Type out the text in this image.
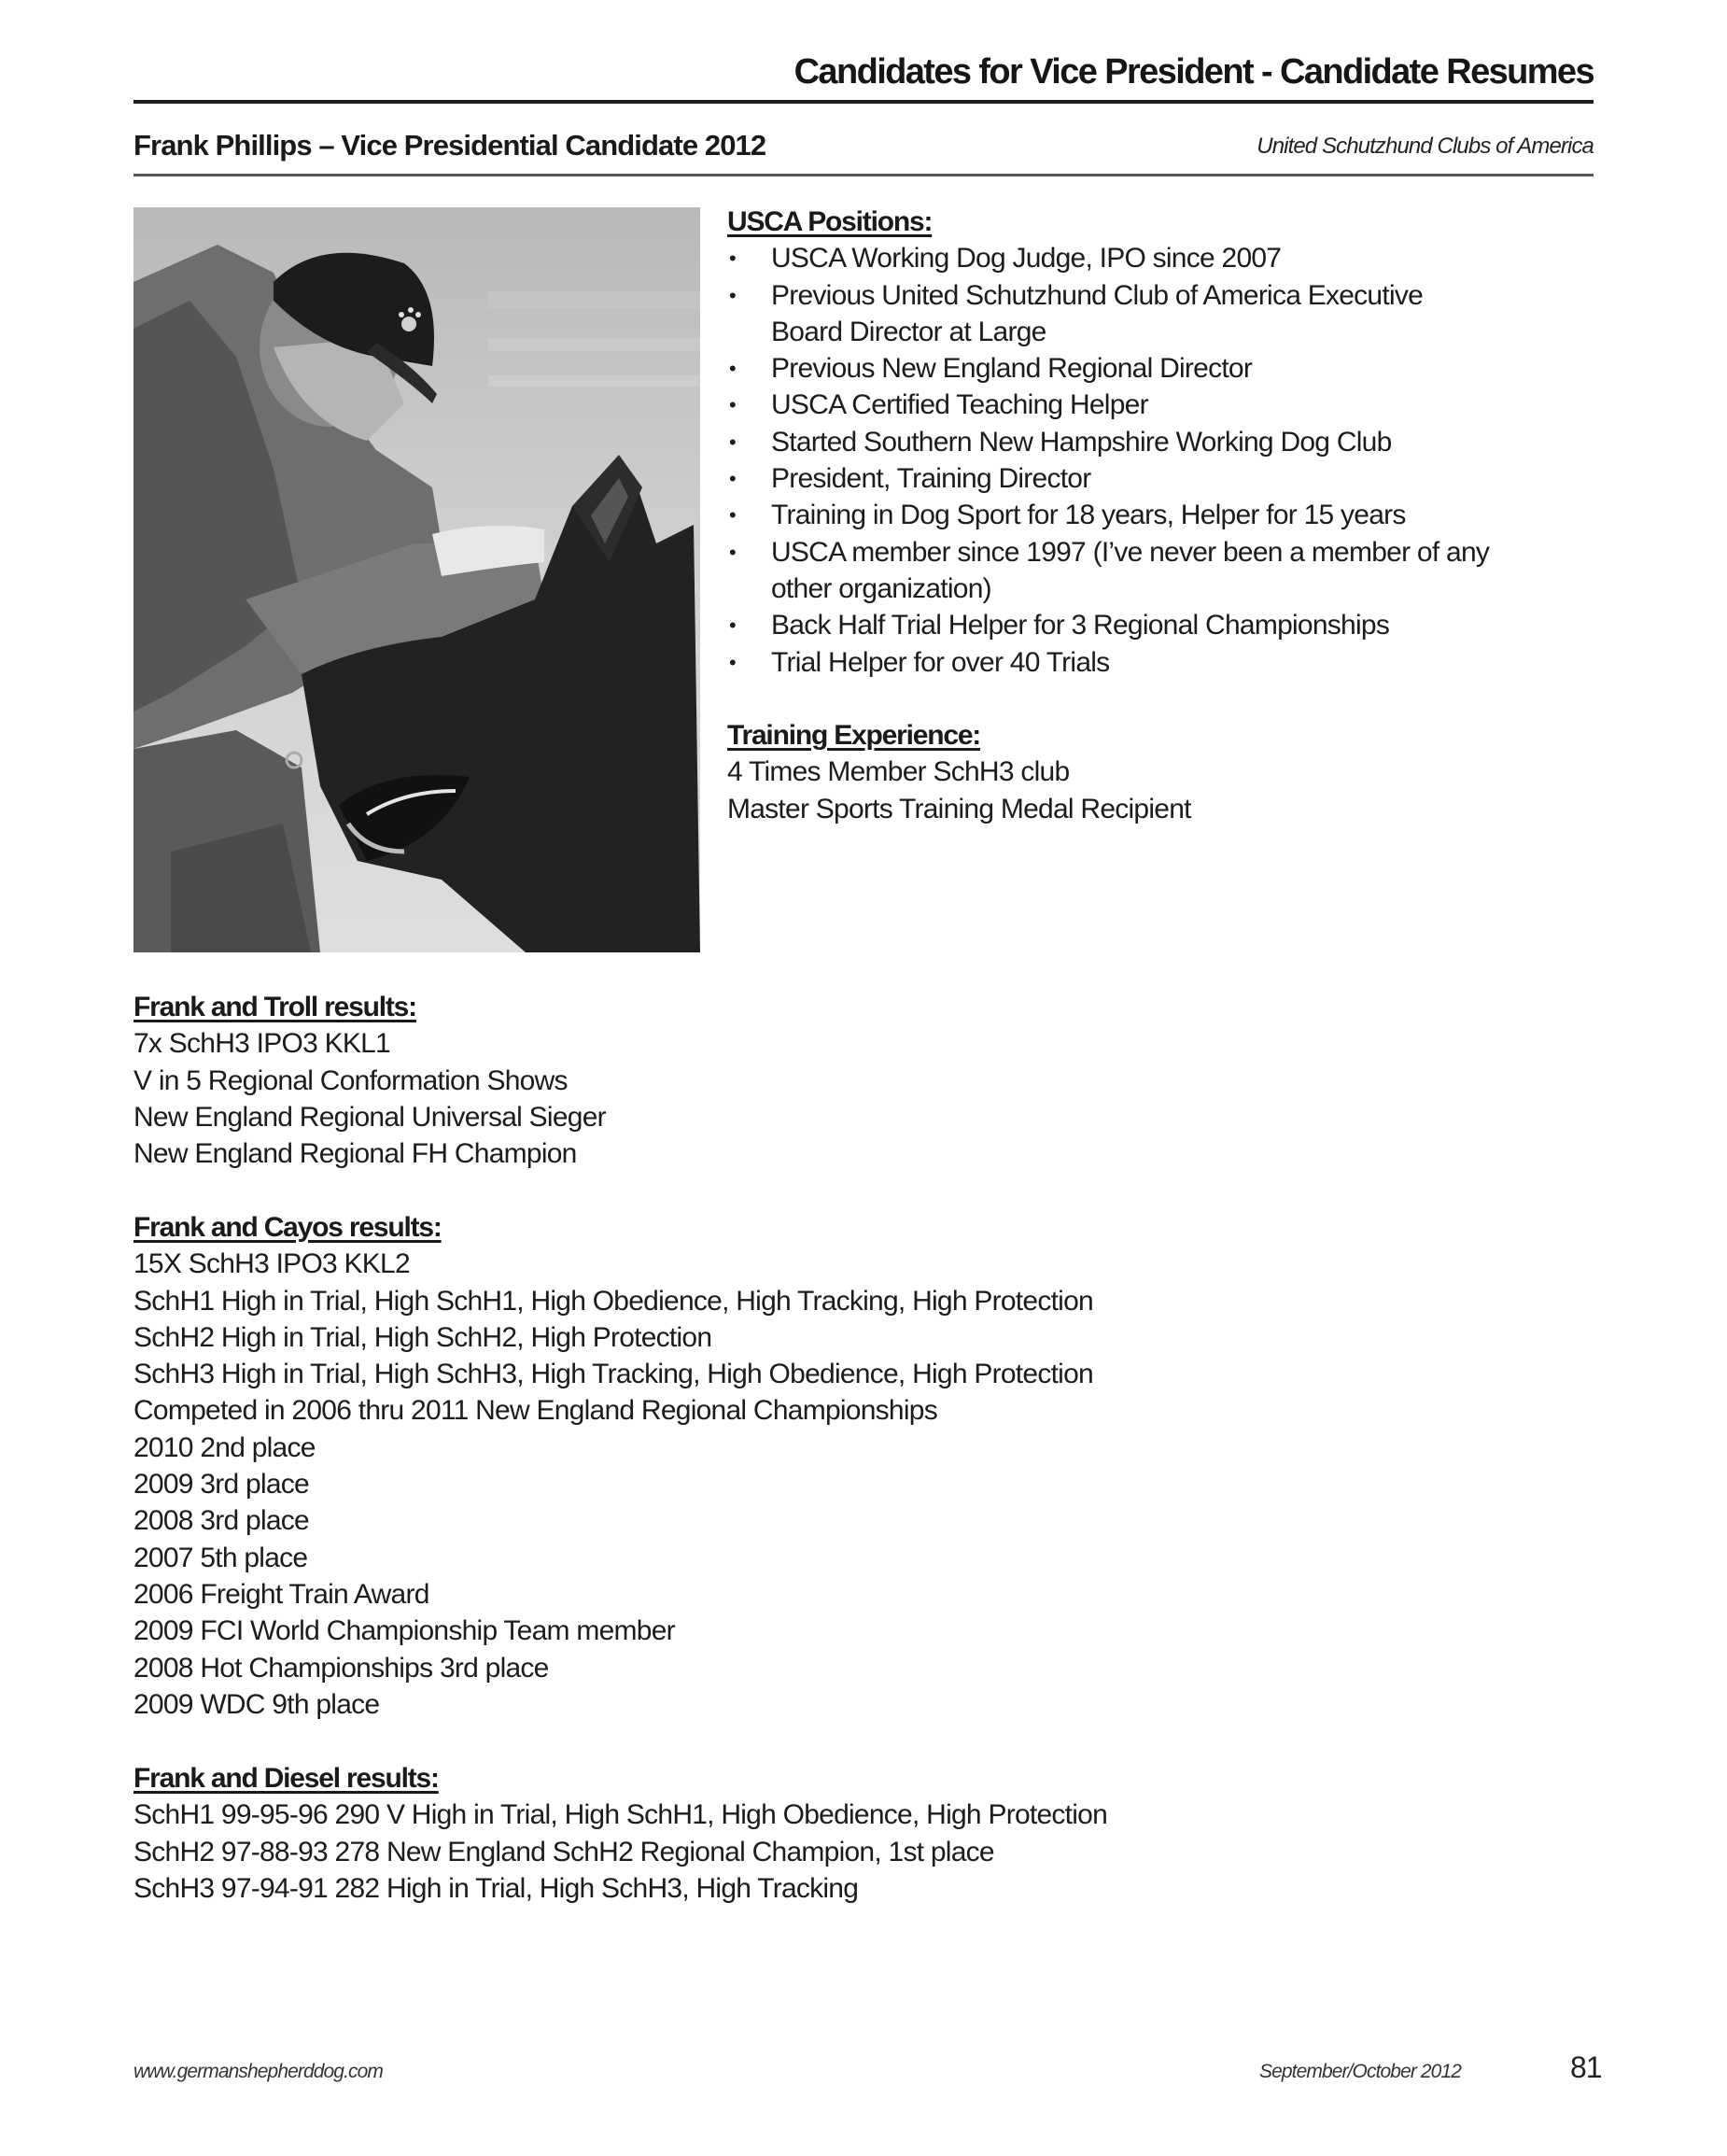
Candidates for Vice President - Candidate Resumes
Frank Phillips – Vice Presidential Candidate 2012	United Schutzhund Clubs of America
USCA Positions:
• USCA Working Dog Judge, IPO since 2007
• Previous United Schutzhund Club of America Executive
Board Director at Large
• Previous New England Regional Director
• USCA Certified Teaching Helper
• Started Southern New Hampshire Working Dog Club
• President, Training Director
• Training in Dog Sport for 18 years, Helper for 15 years
• USCA member since 1997 (I’ve never been a member of any
other organization)
• Back Half Trial Helper for 3 Regional Championships
• Trial Helper for over 40 Trials
Training Experience:
4 Times Member SchH3 club
Master Sports Training Medal Recipient
Frank and Troll results:
7x SchH3 IPO3 KKL1
V in 5 Regional Conformation Shows
New England Regional Universal Sieger
New England Regional FH Champion
Frank and Cayos results:
15X SchH3 IPO3 KKL2
SchH1 High in Trial, High SchH1, High Obedience, High Tracking, High Protection
SchH2 High in Trial, High SchH2, High Protection
SchH3 High in Trial, High SchH3, High Tracking, High Obedience, High Protection
Competed in 2006 thru 2011 New England Regional Championships
2010 2nd place
2009 3rd place
2008 3rd place
2007 5th place
2006 Freight Train Award
2009 FCI World Championship Team member
2008 Hot Championships 3rd place
2009 WDC 9th place
Frank and Diesel results:
SchH1 99-95-96 290 V High in Trial, High SchH1, High Obedience, High Protection
SchH2 97-88-93 278 New England SchH2 Regional Champion, 1st place
SchH3 97-94-91 282 High in Trial, High SchH3, High Tracking
www.germanshepherddog.com	September/October 2012	81
